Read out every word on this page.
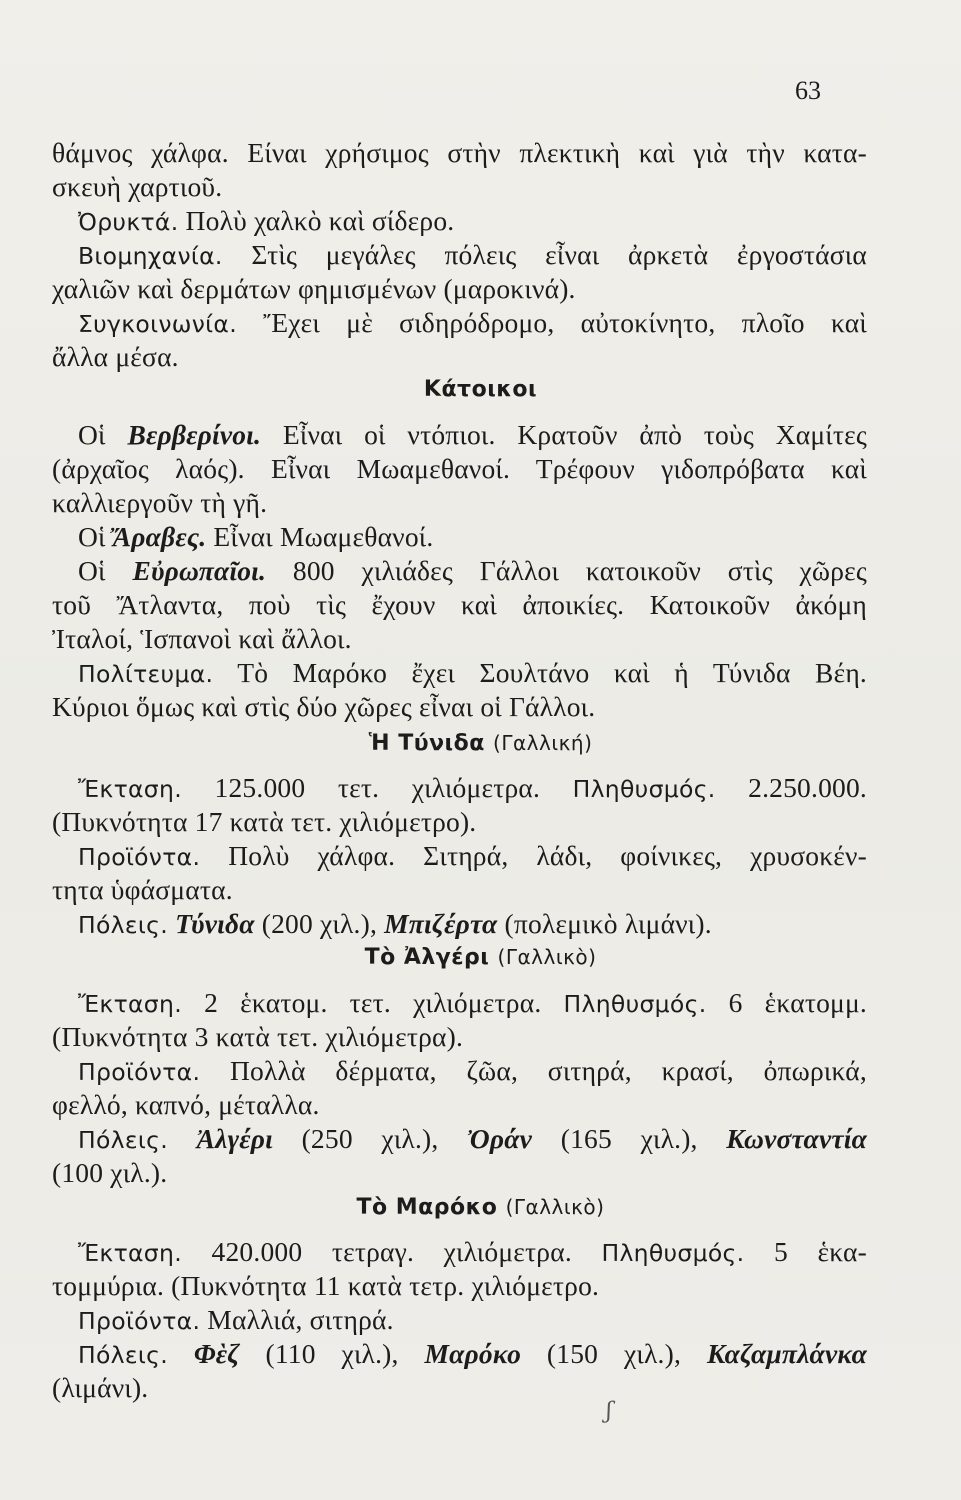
63
θάμνος χάλφα. Είναι χρήσιμος στὴν πλεκτικὴ καὶ γιὰ τὴν κατα-
σκευὴ χαρτιοῦ.
Ὀρυκτά. Πολὺ χαλκὸ καὶ σίδερο.
Βιομηχανία. Στὶς μεγάλες πόλεις εἶναι ἀρκετὰ ἐργοστάσια
χαλιῶν καὶ δερμάτων φημισμένων (μαροκινά).
Συγκοινωνία. Ἔχει μὲ σιδηρόδρομο, αὐτοκίνητο, πλοῖο καὶ
ἄλλα μέσα.
Κάτοικοι
Οἱ Βερβερίνοι. Εἶναι οἱ ντόπιοι. Κρατοῦν ἀπὸ τοὺς Χαμίτες
(ἀρχαῖος λαός). Εἶναι Μωαμεθανοί. Τρέφουν γιδοπρόβατα καὶ
καλλιεργοῦν τὴ γῆ.
Οἱ Ἄραβες. Εἶναι Μωαμεθανοί.
Οἱ Εὐρωπαῖοι. 800 χιλιάδες Γάλλοι κατοικοῦν στὶς χῶρες
τοῦ Ἄτλαντα, ποὺ τὶς ἔχουν καὶ ἀποικίες. Κατοικοῦν ἀκόμη
Ἰταλοί, Ἱσπανοὶ καὶ ἄλλοι.
Πολίτευμα. Τὸ Μαρόκο ἔχει Σουλτάνο καὶ ἡ Τύνιδα Βέη.
Κύριοι ὅμως καὶ στὶς δύο χῶρες εἶναι οἱ Γάλλοι.
Ἡ Τύνιδα (Γαλλική)
Ἔκταση. 125.000 τετ. χιλιόμετρα. Πληθυσμός. 2.250.000.
(Πυκνότητα 17 κατὰ τετ. χιλιόμετρο).
Προϊόντα. Πολὺ χάλφα. Σιτηρά, λάδι, φοίνικες, χρυσοκέν-
τητα ὑφάσματα.
Πόλεις. Τύνιδα (200 χιλ.), Μπιζέρτα (πολεμικὸ λιμάνι).
Τὸ Ἀλγέρι (Γαλλικὸ)
Ἔκταση. 2 ἑκατομ. τετ. χιλιόμετρα. Πληθυσμός. 6 ἑκατομμ.
(Πυκνότητα 3 κατὰ τετ. χιλιόμετρα).
Προϊόντα. Πολλὰ δέρματα, ζῶα, σιτηρά, κρασί, ὀπωρικά,
φελλό, καπνό, μέταλλα.
Πόλεις. Ἀλγέρι (250 χιλ.), Ὀράν (165 χιλ.), Κωνσταντία
(100 χιλ.).
Τὸ Μαρόκο (Γαλλικὸ)
Ἔκταση. 420.000 τετραγ. χιλιόμετρα. Πληθυσμός. 5 ἑκα-
τομμύρια. (Πυκνότητα 11 κατὰ τετρ. χιλιόμετρο.
Προϊόντα. Μαλλιά, σιτηρά.
Πόλεις. Φὲζ (110 χιλ.), Μαρόκο (150 χιλ.), Καζαμπλάνκα
(λιμάνι).
ʃ
